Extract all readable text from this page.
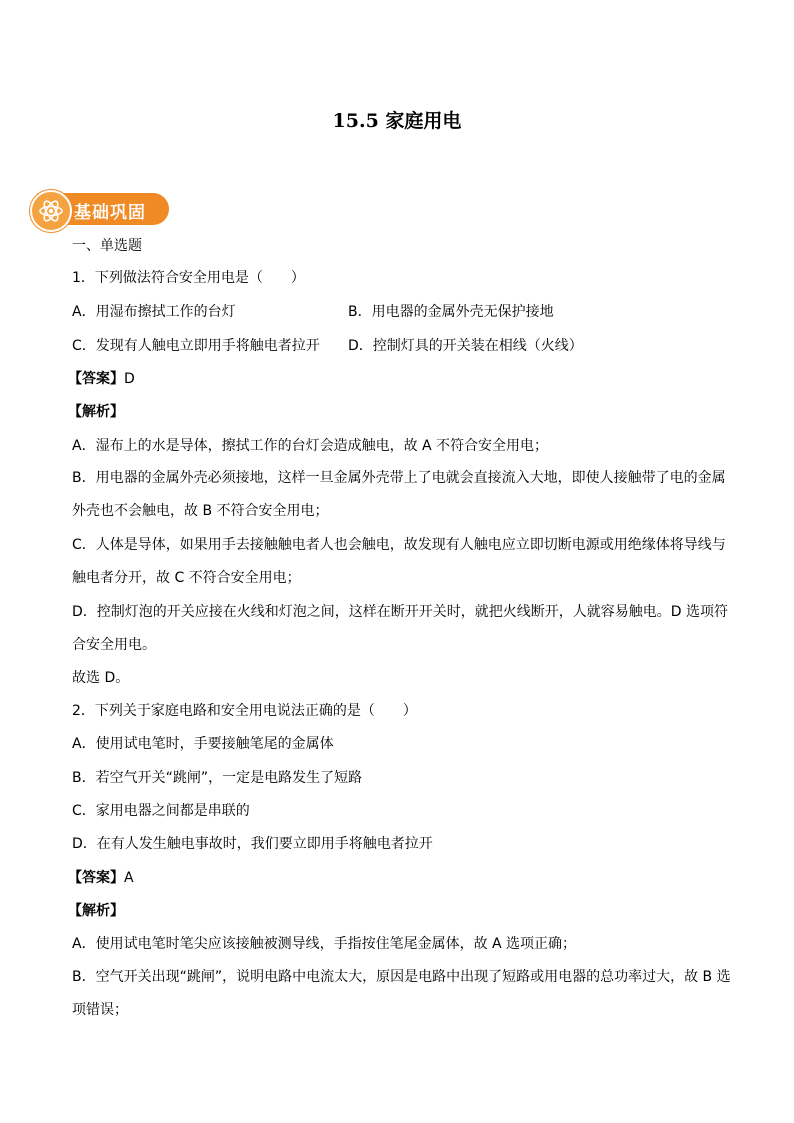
15.5 家庭用电
基础巩固
一、单选题
1．下列做法符合安全用电是（　　）
A．用湿布擦拭工作的台灯	B．用电器的金属外壳无保护接地
C．发现有人触电立即用手将触电者拉开 D．控制灯具的开关装在相线（火线）
【答案】D
【解析】
A．湿布上的水是导体，擦拭工作的台灯会造成触电，故 A 不符合安全用电；
B．用电器的金属外壳必须接地，这样一旦金属外壳带上了电就会直接流入大地，即使人接触带了电的金属
外壳也不会触电，故 B 不符合安全用电；
C．人体是导体，如果用手去接触触电者人也会触电，故发现有人触电应立即切断电源或用绝缘体将导线与
触电者分开，故 C 不符合安全用电；
D．控制灯泡的开关应接在火线和灯泡之间，这样在断开开关时，就把火线断开，人就容易触电。D 选项符
合安全用电。
故选 D。
2．下列关于家庭电路和安全用电说法正确的是（　　）
A．使用试电笔时，手要接触笔尾的金属体
B．若空气开关“跳闸”，一定是电路发生了短路
C．家用电器之间都是串联的
D．在有人发生触电事故时，我们要立即用手将触电者拉开
【答案】A
【解析】
A．使用试电笔时笔尖应该接触被测导线，手指按住笔尾金属体，故 A 选项正确；
B．空气开关出现“跳闸”，说明电路中电流太大，原因是电路中出现了短路或用电器的总功率过大，故 B 选
项错误；
